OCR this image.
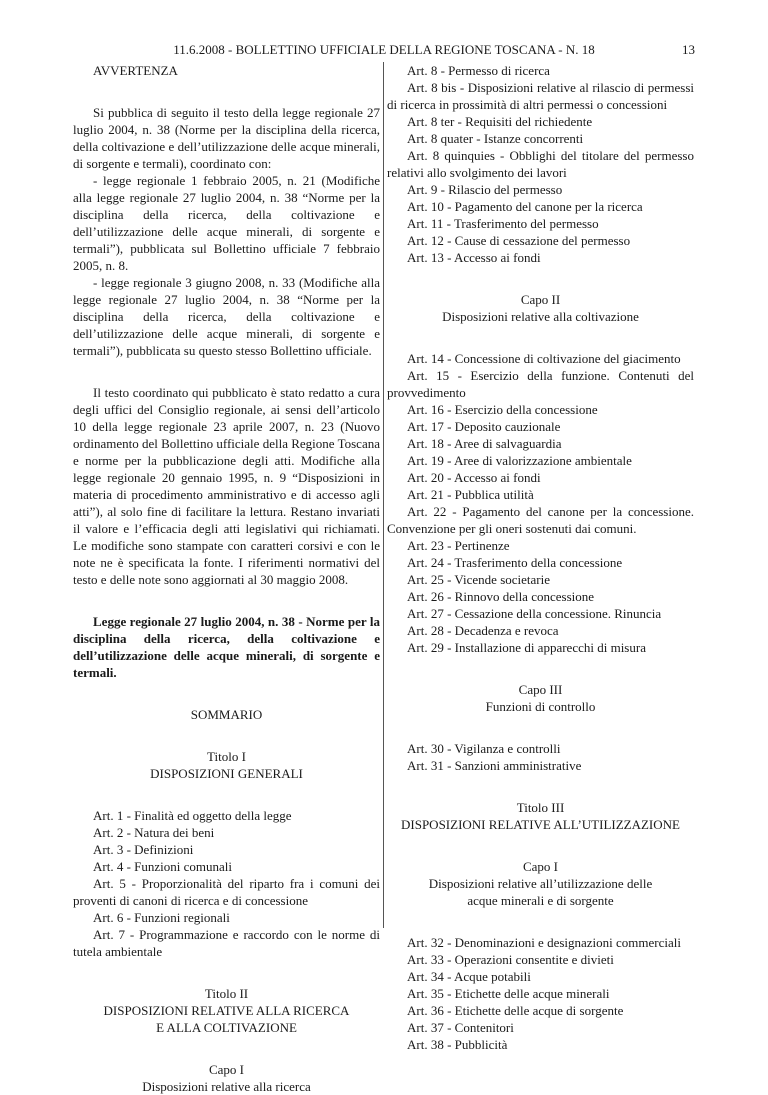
11.6.2008 - BOLLETTINO UFFICIALE DELLA REGIONE TOSCANA - N. 18	13

AVVERTENZA

Si pubblica di seguito il testo della legge regionale 27 luglio 2004, n. 38 (Norme per la disciplina della ricerca, della coltivazione e dell’utilizzazione delle acque minerali, di sorgente e termali), coordinato con:

- legge regionale 1 febbraio 2005, n. 21 (Modifiche alla legge regionale 27 luglio 2004, n. 38 “Norme per la disciplina della ricerca, della coltivazione e dell’utilizzazione delle acque minerali, di sorgente e termali”), pubblicata sul Bollettino ufficiale 7 febbraio 2005, n. 8.

- legge regionale 3 giugno 2008, n. 33 (Modifiche alla legge regionale 27 luglio 2004, n. 38 “Norme per la disciplina della ricerca, della coltivazione e dell’utilizzazione delle acque minerali, di sorgente e termali”), pubblicata su questo stesso Bollettino ufficiale.

Il testo coordinato qui pubblicato è stato redatto a cura degli uffici del Consiglio regionale, ai sensi dell’articolo 10 della legge regionale 23 aprile 2007, n. 23 (Nuovo ordinamento del Bollettino ufficiale della Regione Toscana e norme per la pubblicazione degli atti. Modifiche alla legge regionale 20 gennaio 1995, n. 9 “Disposizioni in materia di procedimento amministrativo e di accesso agli atti”), al solo fine di facilitare la lettura. Restano invariati il valore e l’efficacia degli atti legislativi qui richiamati. Le modifiche sono stampate con caratteri corsivi e con le note ne è specificata la fonte. I riferimenti normativi del testo e delle note sono aggiornati al 30 maggio 2008.

Legge regionale 27 luglio 2004, n. 38 - Norme per la disciplina della ricerca, della coltivazione e dell’utilizzazione delle acque minerali, di sorgente e termali.

SOMMARIO

Titolo I

DISPOSIZIONI GENERALI

Art. 1 - Finalità ed oggetto della legge

Art. 2 - Natura dei beni

Art. 3 - Definizioni

Art. 4 - Funzioni comunali

Art. 5 - Proporzionalità del riparto fra i comuni dei proventi di canoni di ricerca e di concessione

Art. 6 - Funzioni regionali

Art. 7 - Programmazione e raccordo con le norme di tutela ambientale

Titolo II

DISPOSIZIONI RELATIVE ALLA RICERCA

E ALLA COLTIVAZIONE

Capo I

Disposizioni relative alla ricerca

Art. 8 - Permesso di ricerca

Art. 8 bis - Disposizioni relative al rilascio di permessi di ricerca in prossimità di altri permessi o concessioni

Art. 8 ter - Requisiti del richiedente

Art. 8 quater - Istanze concorrenti

Art. 8 quinquies - Obblighi del titolare del permesso relativi allo svolgimento dei lavori

Art. 9 - Rilascio del permesso

Art. 10 - Pagamento del canone per la ricerca

Art. 11 - Trasferimento del permesso

Art. 12 - Cause di cessazione del permesso

Art. 13 - Accesso ai fondi

Capo II

Disposizioni relative alla coltivazione

Art. 14 - Concessione di coltivazione del giacimento

Art. 15 - Esercizio della funzione. Contenuti del provvedimento

Art. 16 - Esercizio della concessione

Art. 17 - Deposito cauzionale

Art. 18 - Aree di salvaguardia

Art. 19 - Aree di valorizzazione ambientale

Art. 20 - Accesso ai fondi

Art. 21 - Pubblica utilità

Art. 22 - Pagamento del canone per la concessione. Convenzione per gli oneri sostenuti dai comuni.

Art. 23 - Pertinenze

Art. 24 - Trasferimento della concessione

Art. 25 - Vicende societarie

Art. 26 - Rinnovo della concessione

Art. 27 - Cessazione della concessione. Rinuncia

Art. 28 - Decadenza e revoca

Art. 29 - Installazione di apparecchi di misura

Capo III

Funzioni di controllo

Art. 30 - Vigilanza e controlli

Art. 31 - Sanzioni amministrative

Titolo III

DISPOSIZIONI RELATIVE ALL’UTILIZZAZIONE

Capo I

Disposizioni relative all’utilizzazione delle

acque minerali e di sorgente

Art. 32 - Denominazioni e designazioni commerciali

Art. 33 - Operazioni consentite e divieti

Art. 34 - Acque potabili

Art. 35 - Etichette delle acque minerali

Art. 36 - Etichette delle acque di sorgente

Art. 37 - Contenitori

Art. 38 - Pubblicità
